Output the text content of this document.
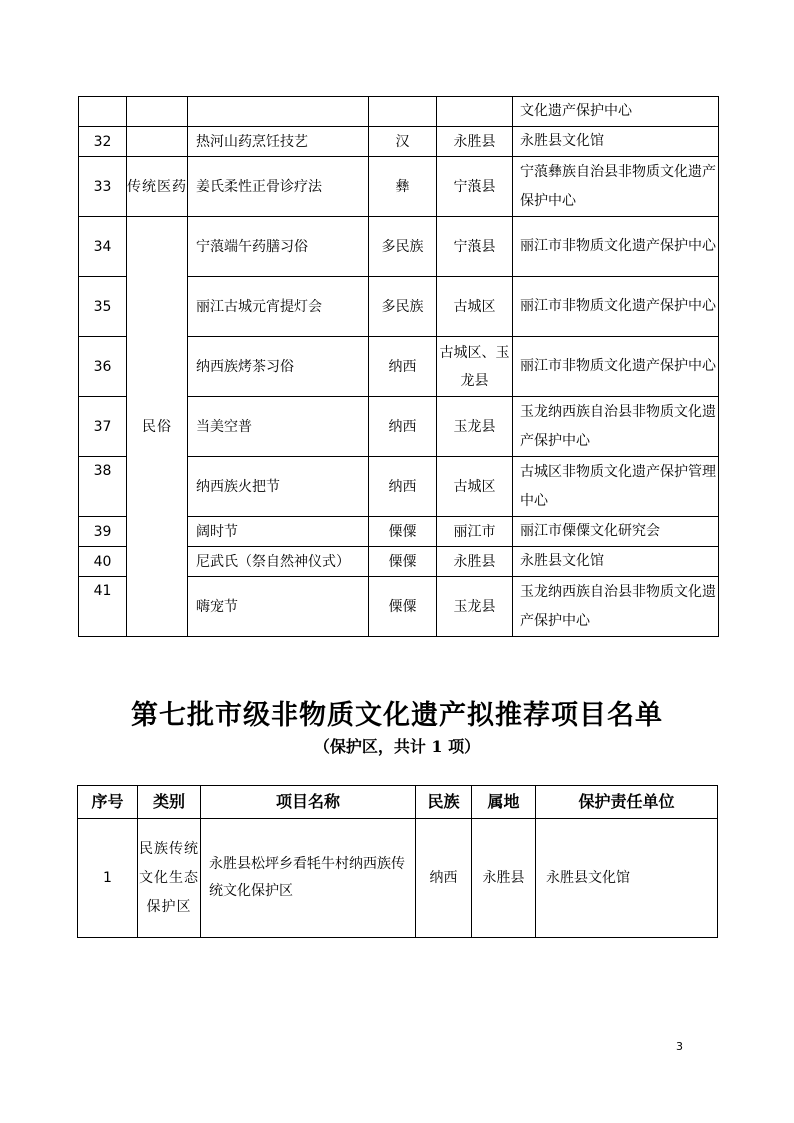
					文化遗产保护中心
32		热河山药烹饪技艺	汉	永胜县	永胜县文化馆
33	传统医药	姜氏柔性正骨诊疗法	彝	宁蒗县	宁蒗彝族自治县非物质文化遗产保护中心
34	民俗	宁蒗端午药膳习俗	多民族	宁蒗县	丽江市非物质文化遗产保护中心
35		丽江古城元宵提灯会	多民族	古城区	丽江市非物质文化遗产保护中心
36		纳西族烤茶习俗	纳西	古城区、玉龙县	丽江市非物质文化遗产保护中心
37		当美空普	纳西	玉龙县	玉龙纳西族自治县非物质文化遗产保护中心
38		纳西族火把节	纳西	古城区	古城区非物质文化遗产保护管理中心
39		阔时节	傈僳	丽江市	丽江市傈僳文化研究会
40		尼武氏（祭自然神仪式）	傈僳	永胜县	永胜县文化馆
41		嗨宠节	傈僳	玉龙县	玉龙纳西族自治县非物质文化遗产保护中心
第七批市级非物质文化遗产拟推荐项目名单
（保护区，共计 1 项）
序号	类别	项目名称	民族	属地	保护责任单位
1	民族传统文化生态保护区	永胜县松坪乡看牦牛村纳西族传统文化保护区	纳西	永胜县	永胜县文化馆
3
